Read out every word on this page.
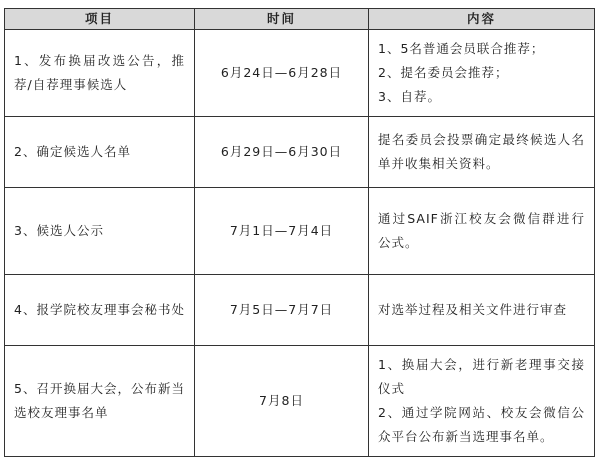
项目	时间	内容
1、发布换届改选公告，推荐/自荐理事候选人	6月24日—6月28日	1、5名普通会员联合推荐；
2、提名委员会推荐；
3、自荐。

2、确定候选人名单	6月29日—6月30日	提名委员会投票确定最终候选人名单并收集相关资料。

3、候选人公示	7月1日—7月4日	通过SAIF浙江校友会微信群进行公式。

4、报学院校友理事会秘书处	7月5日—7月7日	对选举过程及相关文件进行审查

5、召开换届大会，公布新当选校友理事名单	7月8日	1、换届大会，进行新老理事交接仪式
2、通过学院网站、校友会微信公众平台公布新当选理事名单。
